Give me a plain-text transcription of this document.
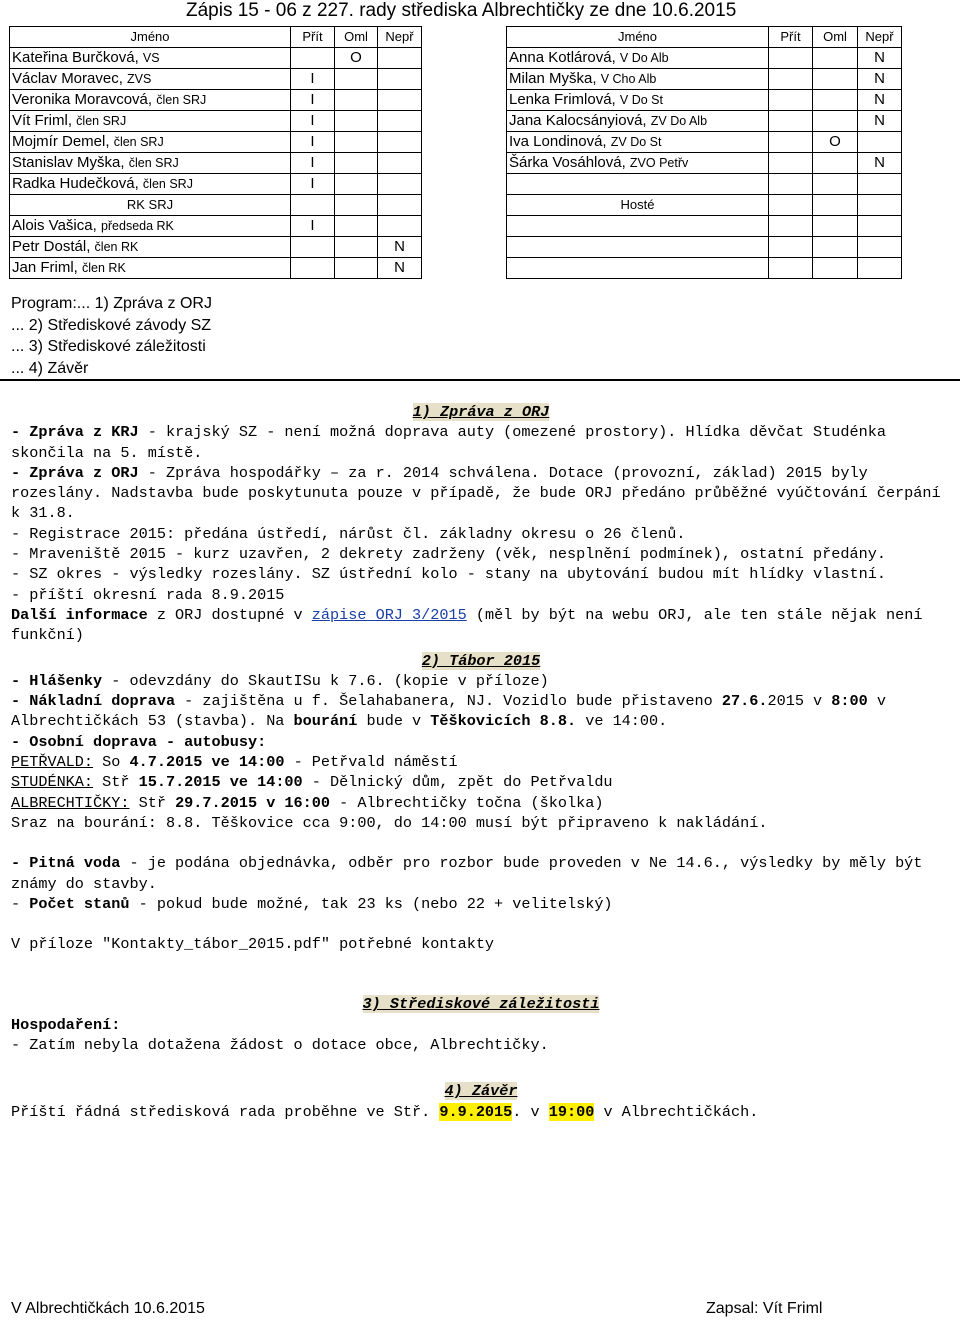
Zápis 15 - 06 z 227. rady střediska Albrechtičky ze dne 10.6.2015
Jméno	Přít	Oml	Nepř
Kateřina Burčková, VS		O	
Václav Moravec, ZVS	I		
Veronika Moravcová, člen SRJ	I		
Vít Friml, člen SRJ	I		
Mojmír Demel, člen SRJ	I		
Stanislav Myška, člen SRJ	I		
Radka Hudečková, člen SRJ	I		
RK SRJ			
Alois Vašica, předseda RK	I		
Petr Dostál, člen RK			N
Jan Friml, člen RK			N
Jméno	Přít	Oml	Nepř
Anna Kotlárová, V Do Alb			N
Milan Myška, V Cho Alb			N
Lenka Frimlová, V Do St			N
Jana Kalocsányiová, ZV Do Alb			N
Iva Londinová, ZV Do St		O	
Šárka Vosáhlová, ZVO Petřv			N

Hosté			

Program:... 1) Zpráva z ORJ
... 2) Střediskové závody SZ
... 3) Střediskové záležitosti
... 4) Závěr

1) Zpráva z ORJ

- Zpráva z KRJ - krajský SZ - není možná doprava auty (omezené prostory). Hlídka děvčat Studénka skončila na 5. místě.

- Zpráva z ORJ - Zpráva hospodářky – za r. 2014 schválena. Dotace (provozní, základ) 2015 byly rozeslány. Nadstavba bude poskytunuta pouze v případě, že bude ORJ předáno průběžné vyúčtování čerpání k 31.8.

- Registrace 2015: předána ústředí, nárůst čl. základny okresu o 26 členů.

- Mraveniště 2015 - kurz uzavřen, 2 dekrety zadrženy (věk, nesplnění podmínek), ostatní předány.

- SZ okres - výsledky rozeslány. SZ ústřední kolo - stany na ubytování budou mít hlídky vlastní.

- příští okresní rada 8.9.2015

Další informace z ORJ dostupné v zápise ORJ 3/2015 (měl by být na webu ORJ, ale ten stále nějak není funkční)

2) Tábor 2015

- Hlášenky - odevzdány do SkautISu k 7.6. (kopie v příloze)

- Nákladní doprava - zajištěna u f. Šelahabanera, NJ. Vozidlo bude přistaveno 27.6.2015 v 8:00 v Albrechtičkách 53 (stavba). Na bourání bude v Těškovicích 8.8. ve 14:00.

- Osobní doprava - autobusy:

PETŘVALD: So 4.7.2015 ve 14:00 - Petřvald náměstí

STUDÉNKA: Stř 15.7.2015 ve 14:00 - Dělnický dům, zpět do Petřvaldu

ALBRECHTIČKY: Stř 29.7.2015 v 16:00 - Albrechtičky točna (školka)

Sraz na bourání: 8.8. Těškovice cca 9:00, do 14:00 musí být připraveno k nakládání.

- Pitná voda - je podána objednávka, odběr pro rozbor bude proveden v Ne 14.6., výsledky by měly být známy do stavby.

- Počet stanů - pokud bude možné, tak 23 ks (nebo 22 + velitelský)

V příloze "Kontakty_tábor_2015.pdf" potřebné kontakty

3) Střediskové záležitosti

Hospodaření:

- Zatím nebyla dotažena žádost o dotace obce, Albrechtičky.

4) Závěr

Příští řádná středisková rada proběhne ve Stř. 9.9.2015. v 19:00 v Albrechtičkách.

V Albrechtičkách 10.6.2015	Zapsal: Vít Friml
